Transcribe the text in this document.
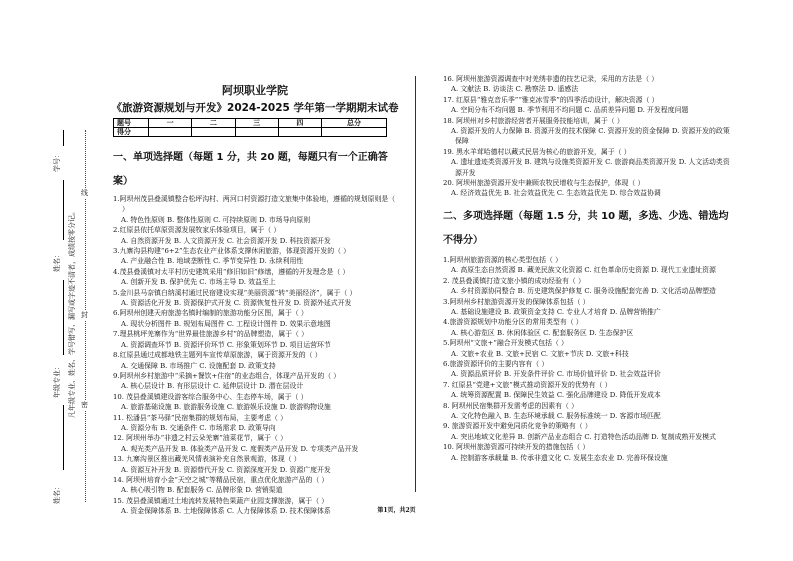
学号：
姓名：
年级专业：
姓名：
凡年级专业、姓名、学号错写、漏写或字迹不清者，成绩按零分记。 密
封
线
阿坝职业学院
《旅游资源规划与开发》2024-2025 学年第一学期期末试卷
题号	一	二	三	四	总分
得分					
一、单项选择题（每题 1 分，共 20 题，每题只有一个正确答案）
1.阿坝州茂县叠溪镇整合松坪沟村、两河口村资源打造文旅集中体验地，遵循的规划原则是（ ）
A. 特色性原则 B. 整体性原则 C. 可持续原则 D. 市场导向原则
2.红原县依托草原资源发展牧家乐体验项目，属于（ ）
A. 自然资源开发 B. 人文资源开发 C. 社会资源开发 D. 科技资源开发
3.九寨沟县构建“6+2”生态农业产业体系支撑休闲旅游，体现资源开发的（ ）
A. 产业融合性 B. 地域垄断性 C. 季节变异性 D. 永续利用性
4.茂县叠溪镇对太平村历史建筑采用“修旧如旧”修缮，遵循的开发理念是（ ）
A. 创新开发 B. 保护优先 C. 市场主导 D. 效益至上
5.金川县马奈镇白纳溪村通过民宿建设实现“美丽资源”转“美丽经济”，属于（ ）
A. 资源活化开发 B. 资源保护式开发 C. 资源恢复性开发 D. 资源外延式开发
6.阿坝州创建天府旅游名镇时编制的旅游功能分区图，属于（ ）
A. 现状分析图件 B. 规划布局图件 C. 工程设计图件 D. 效果示意地图
7.理县桃坪羌寨作为“世界最佳旅游乡村”的品牌塑造，属于（ ）
A. 资源调查环节 B. 资源评价环节 C. 形象策划环节 D. 项目运营环节
8.红原县通过成都地铁主题列车宣传草原旅游，属于资源开发的（ ）
A. 交通保障 B. 市场推广 C. 设施配套 D. 政策支持
9.阿坝州乡村旅游中“采摘+餐饮+住宿”的业态组合，体现产品开发的（ ）
A. 核心层设计 B. 有形层设计 C. 延伸层设计 D. 潜在层设计
10. 茂县叠溪镇建设游客综合服务中心、生态停车场，属于（ ）
A. 旅游基础设施 B. 旅游服务设施 C. 旅游娱乐设施 D. 旅游购物设施
11. 松潘县“茶马驿”民宿集群的规划布局，主要考虑（ ）
A. 资源分布 B. 交通条件 C. 市场需求 D. 政策导向
12. 阿坝州举办“非遗之村云朵羌寨”油菜花节，属于（ ）
A. 观光类产品开发 B. 体验类产品开发 C. 度假类产品开发 D. 专项类产品开发
13. 九寨沟景区推出藏羌风情表演补充自然景观游，体现（ ）
A. 资源互补开发 B. 资源替代开发 C. 资源深度开发 D. 资源广度开发
14. 阿坝州培育小金“天空之城”等精品民宿，重点优化旅游产品的（ ）
A. 核心吸引物 B. 配套服务 C. 品牌形象 D. 营销渠道
15. 茂县叠溪镇通过土地流转发展特色果蔬产业园支撑旅游，属于（ ）
A. 资金保障体系 B. 土地保障体系 C. 人力保障体系 D. 技术保障体系
16. 阿坝州旅游资源调查中对羌绣非遗的技艺记录，采用的方法是（ ）
A. 文献法 B. 访谈法 C. 勘察法 D. 遥感法
17. 红原县“雅克音乐季”“雅克冰雪季”的四季活动设计，解决资源（ ）
A. 空间分布不均问题 B. 季节利用不均问题 C. 品质差异问题 D. 开发程度问题
18. 阿坝州对乡村旅游经营者开展服务技能培训，属于（ ）
A. 资源开发的人力保障 B. 资源开发的技术保障 C. 资源开发的资金保障 D. 资源开发的政策保障
19. 黑水羊茸哈德村以藏式民居为核心的旅游开发，属于（ ）
A. 遗址遗迹类资源开发 B. 建筑与设施类资源开发 C. 旅游商品类资源开发 D. 人文活动类资源开发
20. 阿坝州旅游资源开发中兼顾农牧民增收与生态保护，体现（ ）
A. 经济效益优先 B. 社会效益优先 C. 生态效益优先 D. 综合效益协调
二、多项选择题（每题 1.5 分，共 10 题，多选、少选、错选均不得分）
1.阿坝州旅游资源的核心类型包括（ ）
A. 高原生态自然资源 B. 藏羌民族文化资源 C. 红色革命历史资源 D. 现代工业遗址资源
2. 茂县叠溪镇打造文旅小镇的成功经验有（ ）
A. 乡村资源协同整合 B. 历史建筑保护修复 C. 服务设施配套完善 D. 文化活动品牌塑造
3.阿坝州乡村旅游资源开发的保障体系包括（ ）
A. 基础设施建设 B. 政策资金支持 C. 专业人才培育 D. 品牌营销推广
4.旅游资源规划中功能分区的常用类型有（ ）
A. 核心游览区 B. 休闲体验区 C. 配套服务区 D. 生态保护区
5.阿坝州“文旅+”融合开发模式包括（ ）
A. 文旅+农业 B. 文旅+民宿 C. 文旅+节庆 D. 文旅+科技
6.旅游资源评价的主要内容有（ ）
A. 资源品质评价 B. 开发条件评价 C. 市场价值评价 D. 社会效益评价
7. 红原县“党建+文旅”模式推动资源开发的优势有（ ）
A. 统筹资源配置 B. 保障民生效益 C. 强化品牌建设 D. 降低开发成本
8. 阿坝州民宿集群开发需考虑的因素有（ ）
A. 文化特色融入 B. 生态环境承载 C. 服务标准统一 D. 客源市场匹配
9. 旅游资源开发中避免同质化竞争的策略有（ ）
A. 突出地域文化差异 B. 创新产品业态组合 C. 打造特色活动品牌 D. 复制成熟开发模式
10. 阿坝州旅游资源可持续开发的措施包括（ ）
A. 控制游客承载量 B. 传承非遗文化 C. 发展生态农业 D. 完善环保设施
第1页，共2页
